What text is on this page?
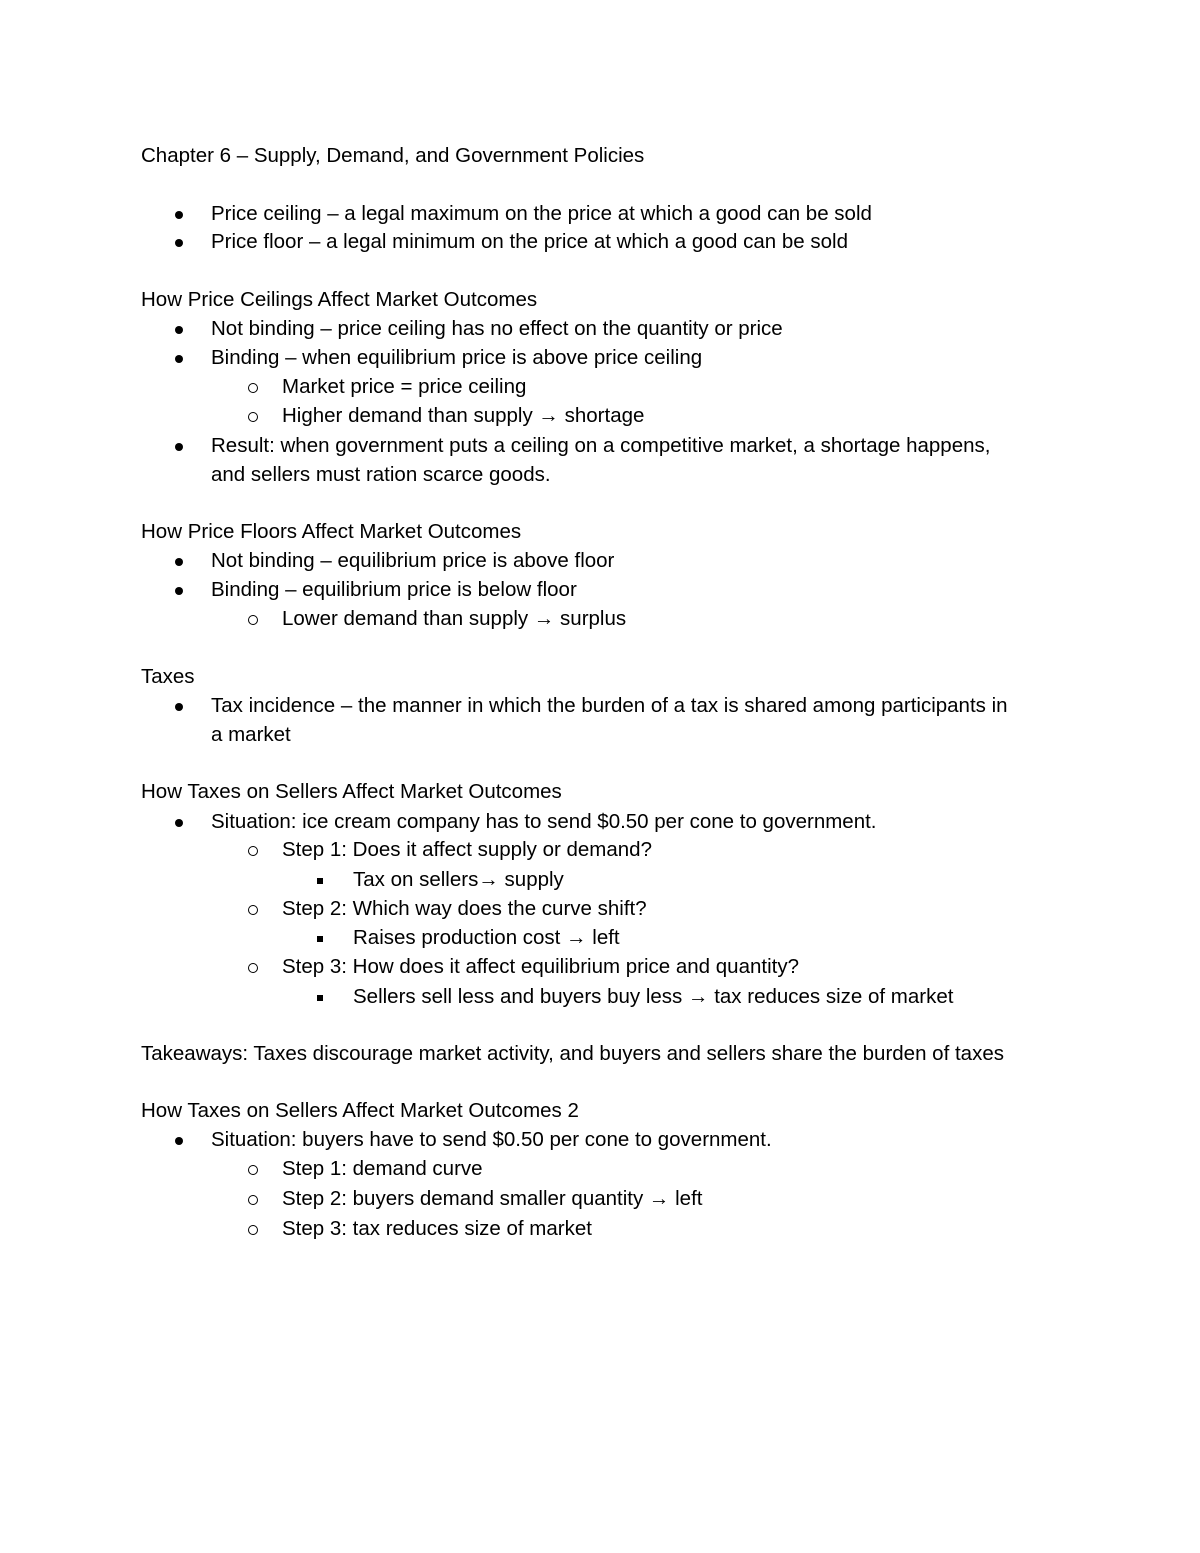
Chapter 6 – Supply, Demand, and Government Policies
Price ceiling – a legal maximum on the price at which a good can be sold
Price floor – a legal minimum on the price at which a good can be sold
How Price Ceilings Affect Market Outcomes
Not binding – price ceiling has no effect on the quantity or price
Binding – when equilibrium price is above price ceiling
Market price = price ceiling
Higher demand than supply → shortage
Result: when government puts a ceiling on a competitive market, a shortage happens,
and sellers must ration scarce goods.
How Price Floors Affect Market Outcomes
Not binding – equilibrium price is above floor
Binding – equilibrium price is below floor
Lower demand than supply → surplus
Taxes
Tax incidence – the manner in which the burden of a tax is shared among participants in
a market
How Taxes on Sellers Affect Market Outcomes
Situation: ice cream company has to send $0.50 per cone to government.
Step 1: Does it affect supply or demand?
Tax on sellers→ supply
Step 2: Which way does the curve shift?
Raises production cost → left
Step 3: How does it affect equilibrium price and quantity?
Sellers sell less and buyers buy less → tax reduces size of market
Takeaways: Taxes discourage market activity, and buyers and sellers share the burden of taxes
How Taxes on Sellers Affect Market Outcomes 2
Situation: buyers have to send $0.50 per cone to government.
Step 1: demand curve
Step 2: buyers demand smaller quantity → left
Step 3: tax reduces size of market
